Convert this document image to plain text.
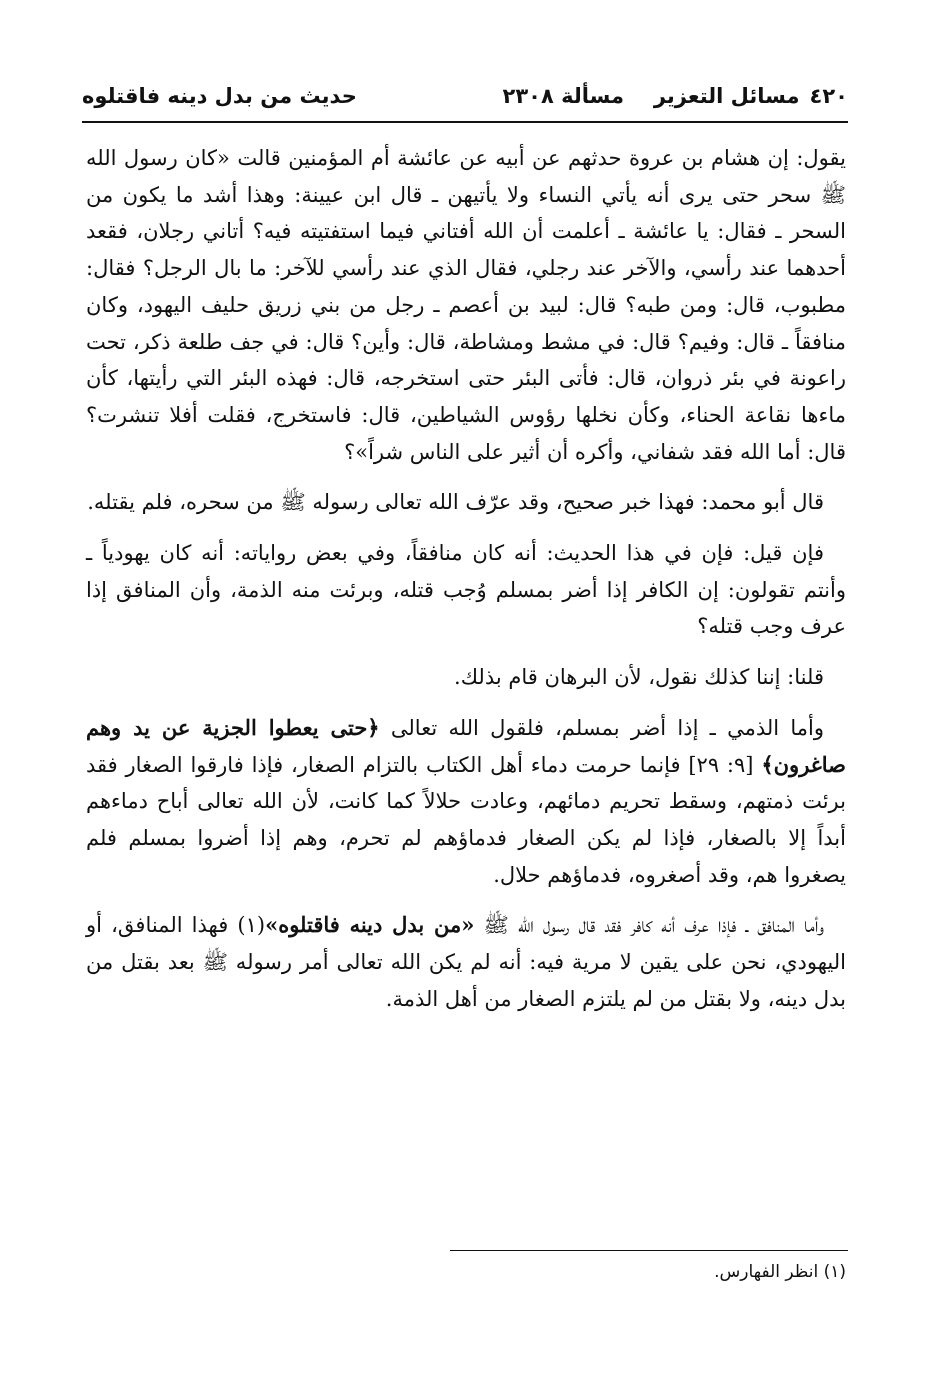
٤٢٠مسائل التعزير
مسألة ٢٣٠٨
حديث من بدل دينه فاقتلوه

يقول: إن هشام بن عروة حدثهم عن أبيه عن عائشة أم المؤمنين قالت «كان رسول الله ﷺ سحر حتى يرى أنه يأتي النساء ولا يأتيهن ـ قال ابن عيينة: وهذا أشد ما يكون من السحر ـ فقال: يا عائشة ـ أعلمت أن الله أفتاني فيما استفتيته فيه؟ أتاني رجلان، فقعد أحدهما عند رأسي، والآخر عند رجلي، فقال الذي عند رأسي للآخر: ما بال الرجل؟ فقال: مطبوب، قال: ومن طبه؟ قال: لبيد بن أعصم ـ رجل من بني زريق حليف اليهود، وكان منافقاً ـ قال: وفيم؟ قال: في مشط ومشاطة، قال: وأين؟ قال: في جف طلعة ذكر، تحت راعونة في بئر ذروان، قال: فأتى البئر حتى استخرجه، قال: فهذه البئر التي رأيتها، كأن ماءها نقاعة الحناء، وكأن نخلها رؤوس الشياطين، قال: فاستخرج، فقلت أفلا تنشرت؟ قال: أما الله فقد شفاني، وأكره أن أثير على الناس شراً»؟

قال أبو محمد: فهذا خبر صحيح، وقد عرّف الله تعالى رسوله ﷺ من سحره، فلم يقتله.

فإن قيل: فإن في هذا الحديث: أنه كان منافقاً، وفي بعض رواياته: أنه كان يهودياً ـ وأنتم تقولون: إن الكافر إذا أضر بمسلم وُجب قتله، وبرئت منه الذمة، وأن المنافق إذا عرف وجب قتله؟

قلنا: إننا كذلك نقول، لأن البرهان قام بذلك.

وأما الذمي ـ إذا أضر بمسلم، فلقول الله تعالى ﴿حتى يعطوا الجزية عن يد وهم صاغرون﴾ [٩: ٢٩] فإنما حرمت دماء أهل الكتاب بالتزام الصغار، فإذا فارقوا الصغار فقد برئت ذمتهم، وسقط تحريم دمائهم، وعادت حلالاً كما كانت، لأن الله تعالى أباح دماءهم أبداً إلا بالصغار، فإذا لم يكن الصغار فدماؤهم لم تحرم، وهم إذا أضروا بمسلم فلم يصغروا هم، وقد أصغروه، فدماؤهم حلال.

وأما المنافق ـ فإذا عرف أنه كافر فقد قال رسول الله ﷺ «من بدل دينه فاقتلوه»(١) فهذا المنافق، أو اليهودي، نحن على يقين لا مرية فيه: أنه لم يكن الله تعالى أمر رسوله ﷺ بعد بقتل من بدل دينه، ولا بقتل من لم يلتزم الصغار من أهل الذمة.

(١) انظر الفهارس.
